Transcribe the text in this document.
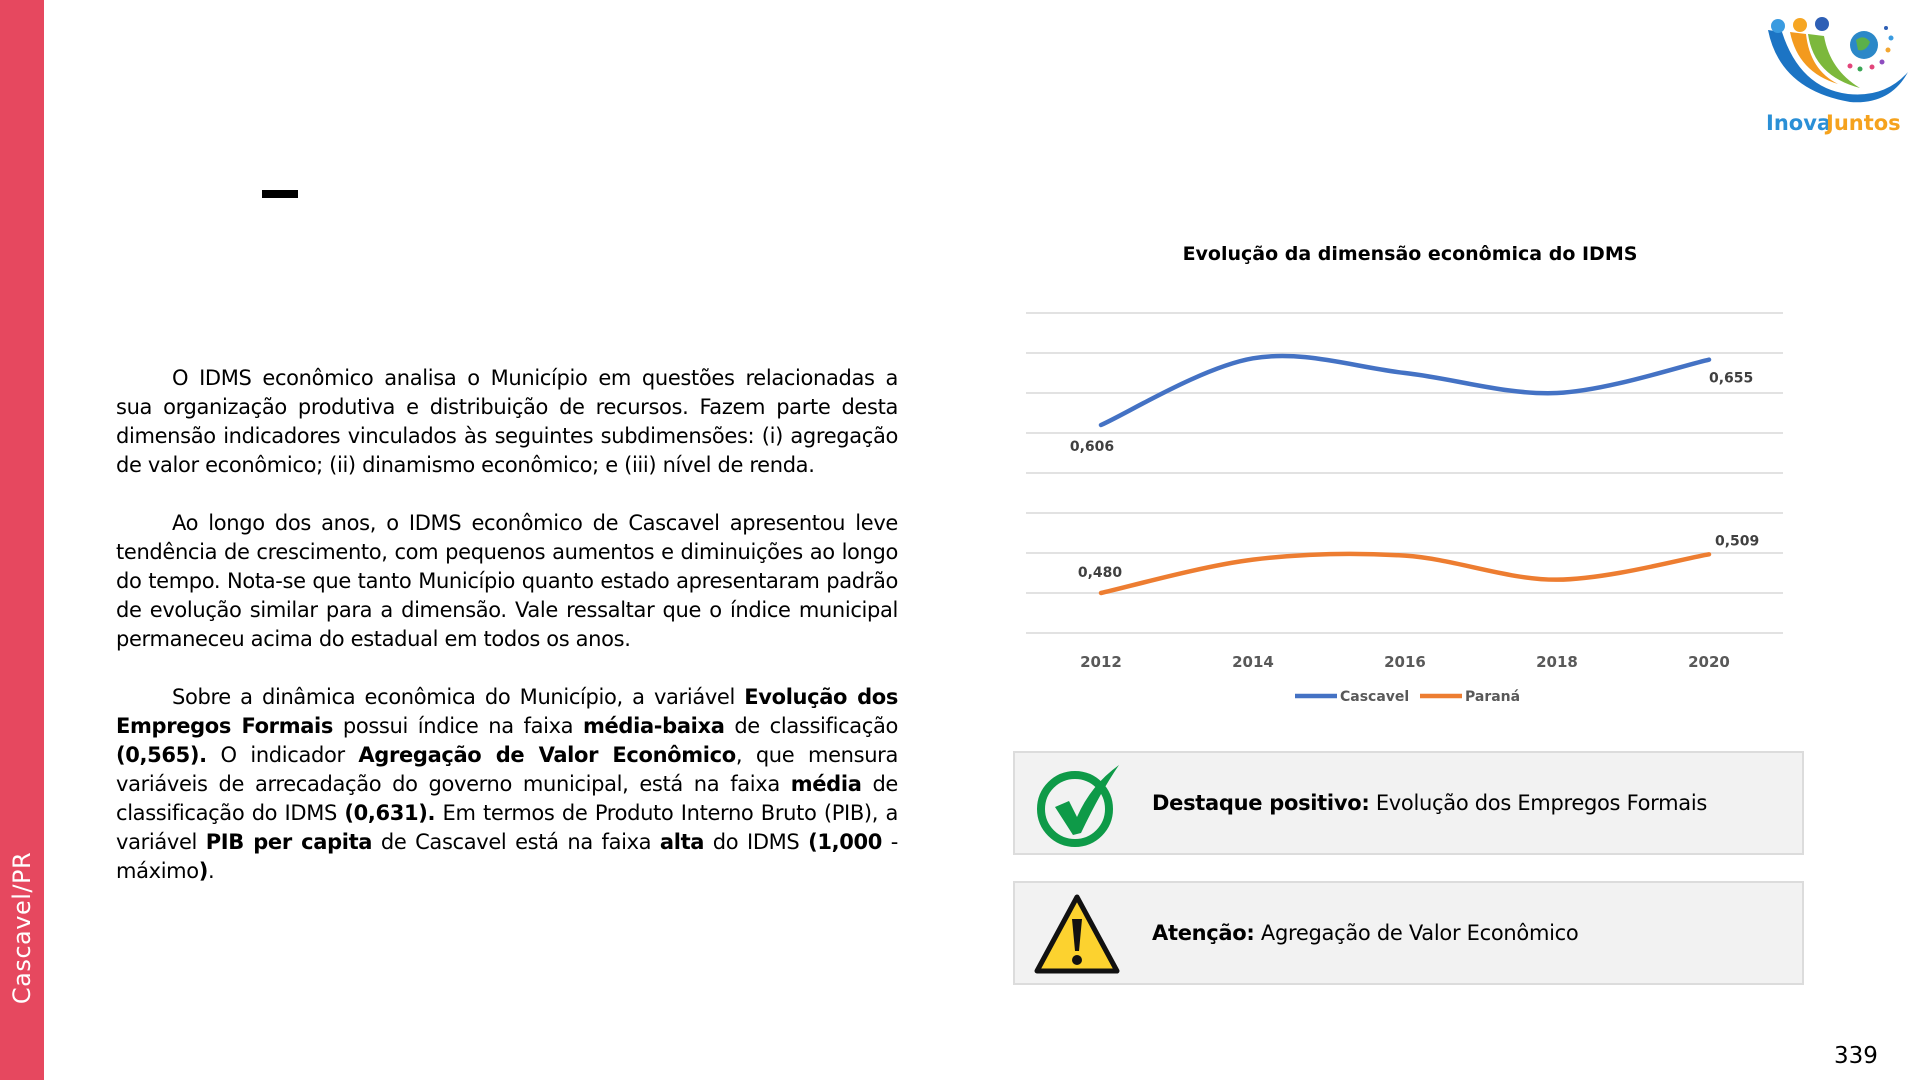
Cascavel/PR
Inova
Juntos

O IDMS econômico analisa o Município em questões relacionadas a sua organização produtiva e distribuição de recursos. Fazem parte desta dimensão indicadores vinculados às seguintes subdimensões: (i) agregação de valor econômico; (ii) dinamismo econômico; e (iii) nível de renda.

Ao longo dos anos, o IDMS econômico de Cascavel apresentou leve tendência de crescimento, com pequenos aumentos e diminuições ao longo do tempo. Nota-se que tanto Município quanto estado apresentaram padrão de evolução similar para a dimensão. Vale ressaltar que o índice municipal permaneceu acima do estadual em todos os anos.

Sobre a dinâmica econômica do Município, a variável Evolução dos Empregos Formais possui índice na faixa média-baixa de classificação (0,565). O indicador Agregação de Valor Econômico, que mensura variáveis de arrecadação do governo municipal, está na faixa média de classificação do IDMS (0,631). Em termos de Produto Interno Bruto (PIB), a variável PIB per capita de Cascavel está na faixa alta do IDMS (1,000 - máximo).

Evolução da dimensão econômica do IDMS
2012	2014	2016	2018	2020
0,606
0,655
0,480
0,509
Cascavel	Paraná
Destaque positivo: Evolução dos Empregos Formais
Atenção: Agregação de Valor Econômico
339
